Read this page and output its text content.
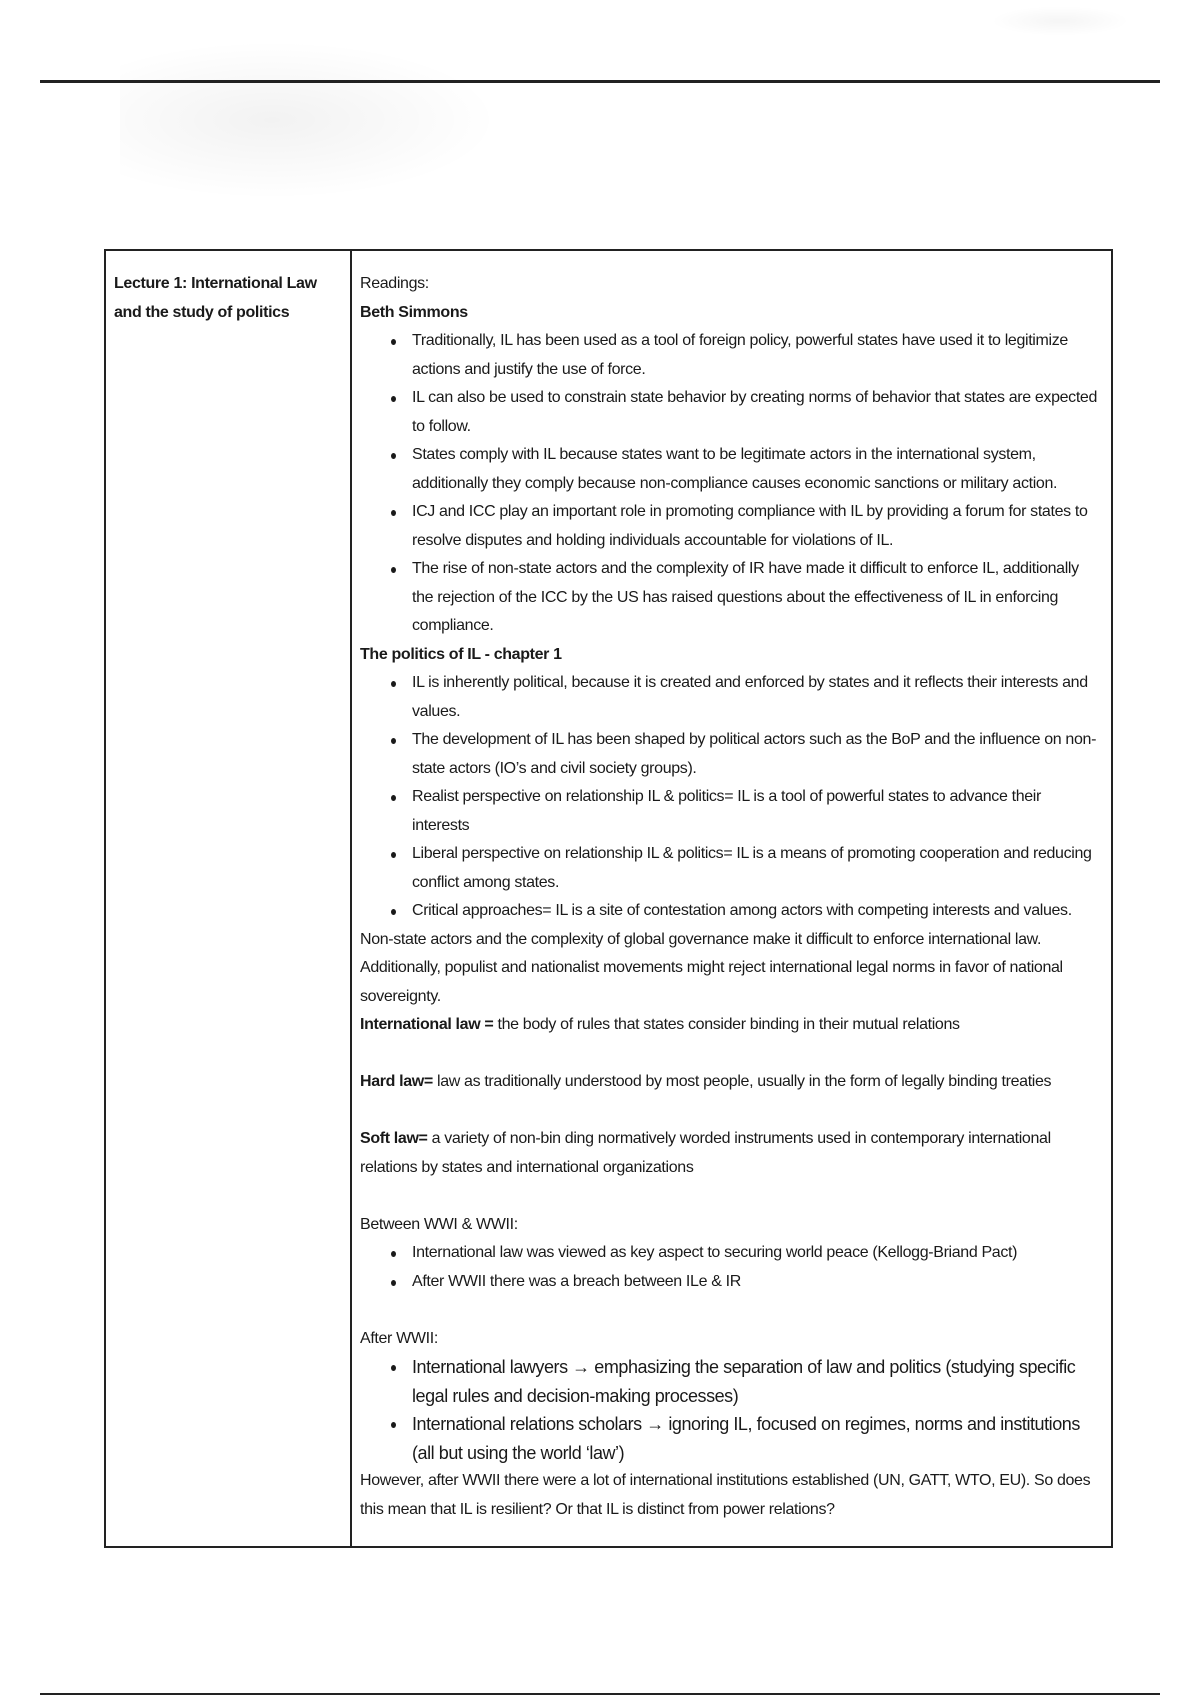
Lecture 1: International Law and the study of politics	
Readings:
Beth Simmons
Traditionally, IL has been used as a tool of foreign policy, powerful states have used it to legitimize actions and justify the use of force.
IL can also be used to constrain state behavior by creating norms of behavior that states are expected to follow.
States comply with IL because states want to be legitimate actors in the international system, additionally they comply because non-compliance causes economic sanctions or military action.
ICJ and ICC play an important role in promoting compliance with IL by providing a forum for states to resolve disputes and holding individuals accountable for violations of IL.
The rise of non-state actors and the complexity of IR have made it difficult to enforce IL, additionally the rejection of the ICC by the US has raised questions about the effectiveness of IL in enforcing compliance.
The politics of IL - chapter 1
IL is inherently political, because it is created and enforced by states and it reflects their interests and values.
The development of IL has been shaped by political actors such as the BoP and the influence on non-state actors (IO’s and civil society groups).
Realist perspective on relationship IL & politics= IL is a tool of powerful states to advance their interests
Liberal perspective on relationship IL & politics= IL is a means of promoting cooperation and reducing conflict among states.
Critical approaches= IL is a site of contestation among actors with competing interests and values.
Non-state actors and the complexity of global governance make it difficult to enforce international law. Additionally, populist and nationalist movements might reject international legal norms in favor of national sovereignty.
International law = the body of rules that states consider binding in their mutual relations
Hard law= law as traditionally understood by most people, usually in the form of legally binding treaties
Soft law= a variety of non-bin ding normatively worded instruments used in contemporary international relations by states and international organizations
Between WWI & WWII:
International law was viewed as key aspect to securing world peace (Kellogg-Briand Pact)
After WWII there was a breach between ILe & IR
After WWII:
International lawyers → emphasizing the separation of law and politics (studying specific legal rules and decision-making processes)
International relations scholars → ignoring IL, focused on regimes, norms and institutions (all but using the world ‘law’)
However, after WWII there were a lot of international institutions established (UN, GATT, WTO, EU). So does this mean that IL is resilient? Or that IL is distinct from power relations?
